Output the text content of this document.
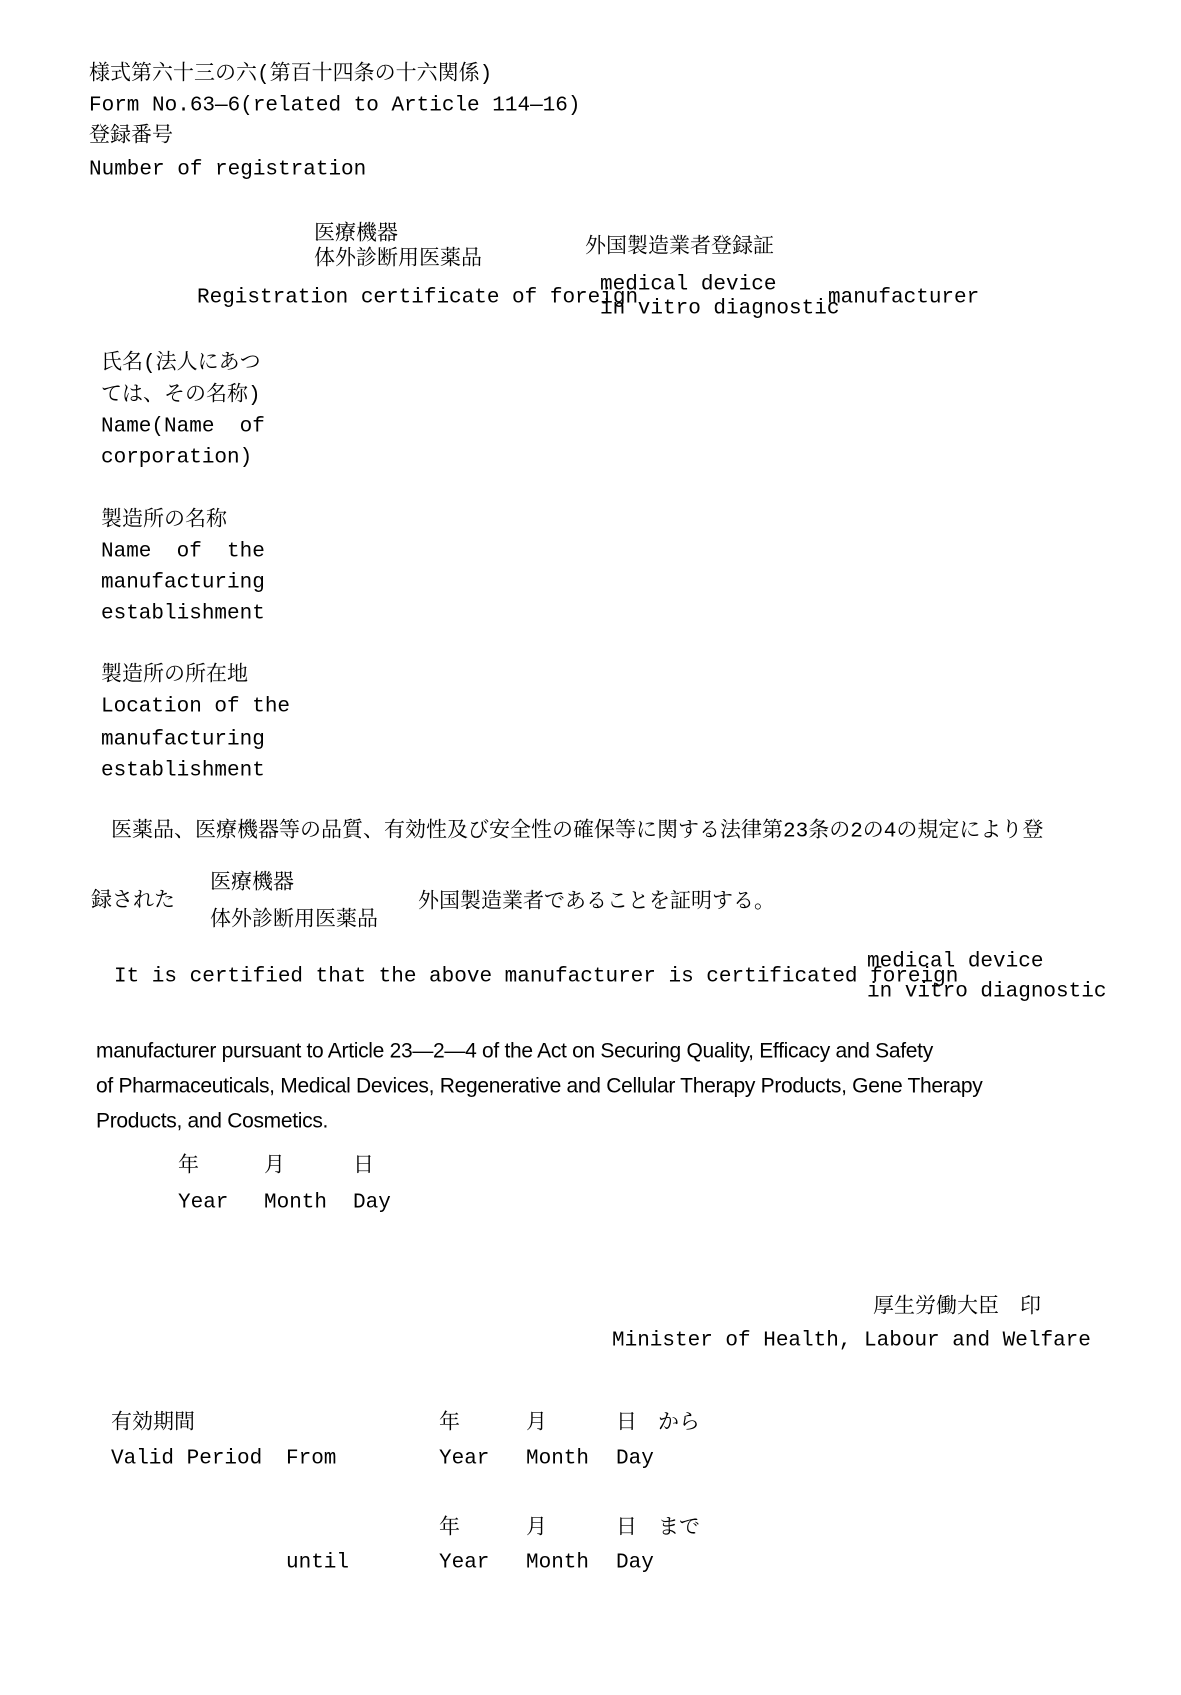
様式第六十三の六(第百十四条の十六関係)
Form No.63―6(related to Article 114―16)
登録番号
Number of registration
医療機器
体外診断用医薬品
外国製造業者登録証
Registration certificate of foreign
medical device
in vitro diagnostic
manufacturer
氏名(法人にあつ
ては、その名称)
Name(Name  of
corporation)
製造所の名称
Name  of  the
manufacturing
establishment
製造所の所在地
Location of the
manufacturing
establishment
医薬品、医療機器等の品質、有効性及び安全性の確保等に関する法律第23条の2の4の規定により登
録された
医療機器
体外診断用医薬品
外国製造業者であることを証明する。
It is certified that the above manufacturer is certificated foreign
medical device
in vitro diagnostic
manufacturer pursuant to Article 23―2―4 of the Act on Securing Quality, Efficacy and Safety
of Pharmaceuticals, Medical Devices, Regenerative and Cellular Therapy Products, Gene Therapy
Products, and Cosmetics.
年	月	日
Year Month Day
厚生労働大臣　印
Minister of Health, Labour and Welfare
有効期間
Valid Period From
年	月	日 から
Year Month Day
年	月	日 まで
until	Year Month Day
